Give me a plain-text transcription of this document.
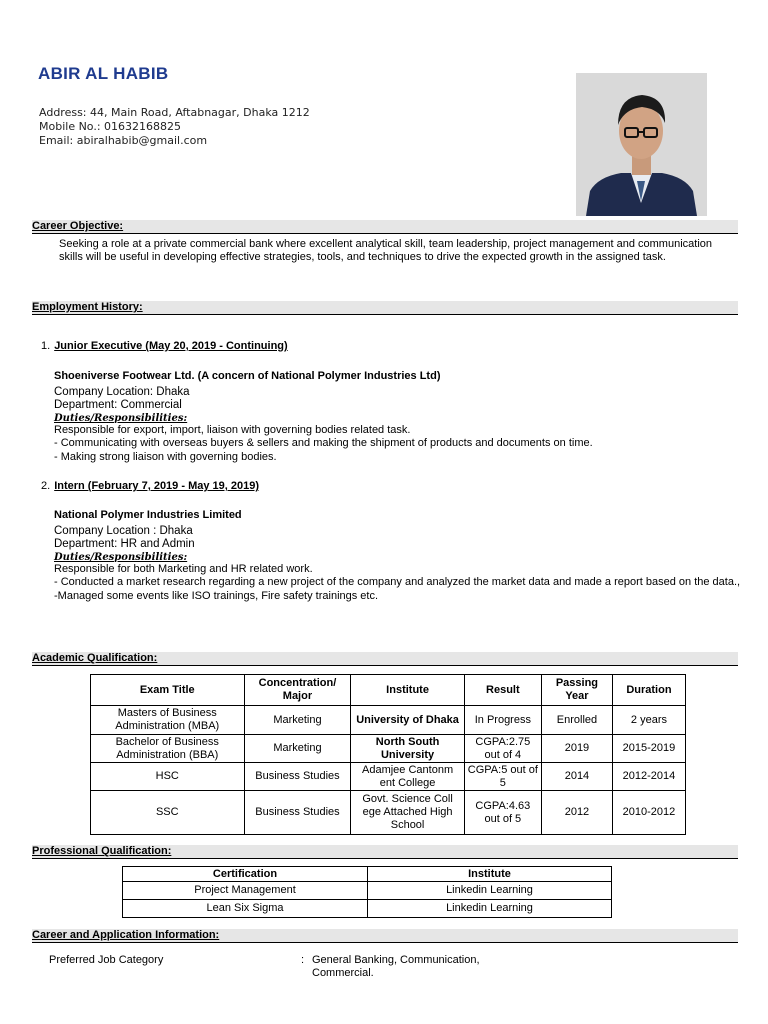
ABIR AL HABIB
Address: 44, Main Road, Aftabnagar, Dhaka 1212
Mobile No.: 01632168825
Email: abiralhabib@gmail.com
Career Objective:
Seeking a role at a private commercial bank where excellent analytical skill, team leadership, project management and communication skills will be useful in developing effective strategies, tools, and techniques to drive the expected growth in the assigned task.
Employment History:
1. Junior Executive (May 20, 2019 - Continuing)
Shoeniverse Footwear Ltd. (A concern of National Polymer Industries Ltd)
Company Location: Dhaka
Department: Commercial
Duties/Responsibilities:
Responsible for export, import, liaison with governing bodies related task.
- Communicating with overseas buyers & sellers and making the shipment of products and documents on time.
- Making strong liaison with governing bodies.
2. Intern (February 7, 2019 - May 19, 2019)
National Polymer Industries Limited
Company Location : Dhaka
Department: HR and Admin
Duties/Responsibilities:
Responsible for both Marketing and HR related work.
- Conducted a market research regarding a new project of the company and analyzed the market data and made a report based on the data.,
-Managed some events like ISO trainings, Fire safety trainings etc.
Academic Qualification:
Exam Title	Concentration/ Major	Institute	Result	Passing Year	Duration
Masters of Business Administration (MBA)	Marketing	University of Dhaka	In Progress	Enrolled	2 years
Bachelor of Business Administration (BBA)	Marketing	North South University	CGPA:2.75 out of 4	2019	2015-2019
HSC	Business Studies	Adamjee Cantonm ent College	CGPA:5 out of 5	2014	2012-2014
SSC	Business Studies	Govt. Science Coll ege Attached High School	CGPA:4.63 out of 5	2012	2010-2012
Professional Qualification:
Certification	Institute
Project Management	Linkedin Learning
Lean Six Sigma	Linkedin Learning
Career and Application Information:
Preferred Job Category	: General Banking, Communication, Commercial.
